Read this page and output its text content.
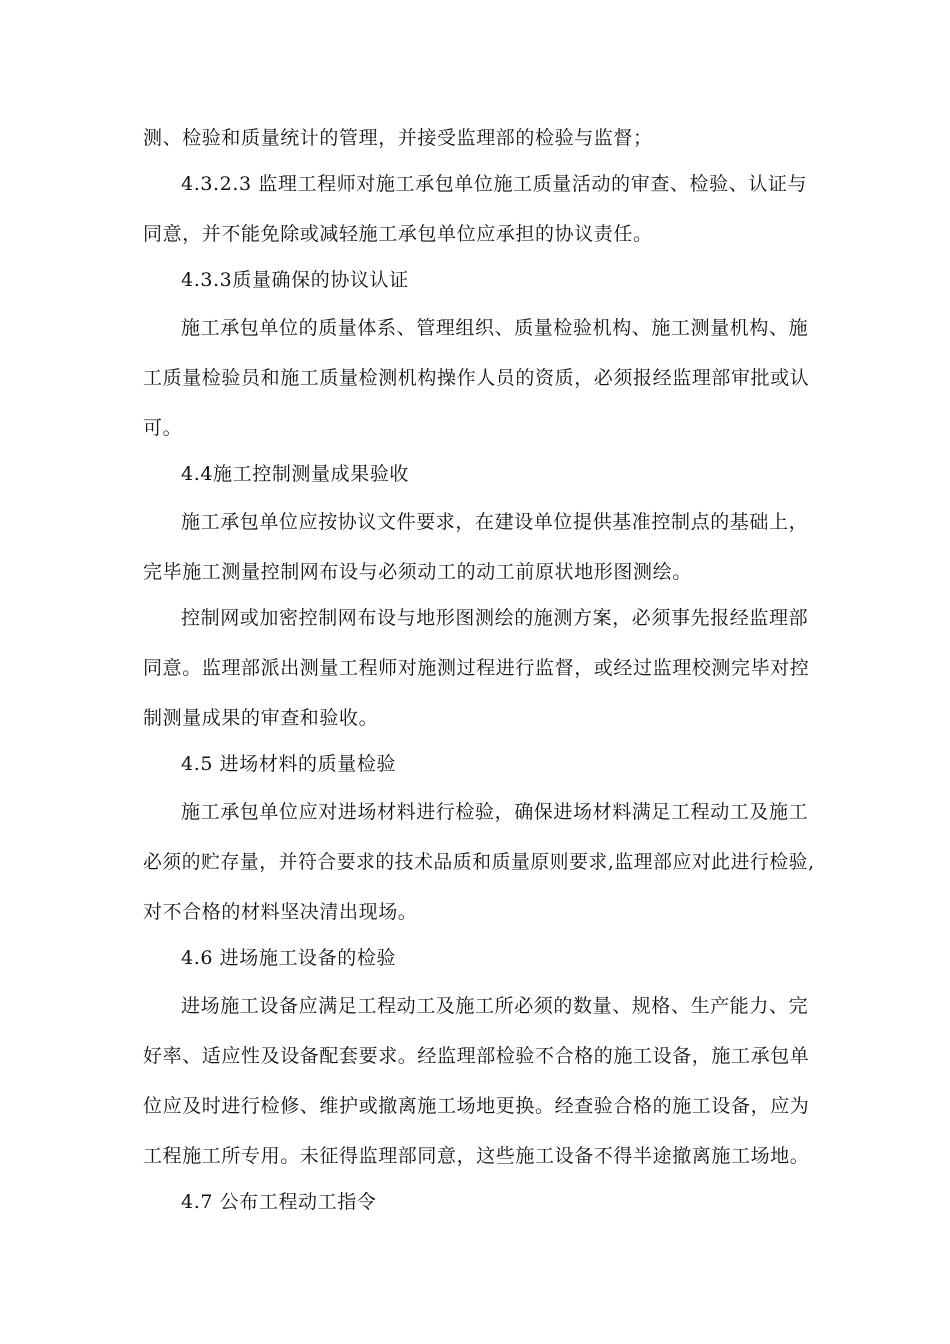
测、检验和质量统计的管理，并接受监理部的检验与监督；
4.3.2.3 监理工程师对施工承包单位施工质量活动的审查、检验、认证与
同意，并不能免除或减轻施工承包单位应承担的协议责任。
4.3.3质量确保的协议认证
施工承包单位的质量体系、管理组织、质量检验机构、施工测量机构、施
工质量检验员和施工质量检测机构操作人员的资质，必须报经监理部审批或认
可。
4.4施工控制测量成果验收
施工承包单位应按协议文件要求，在建设单位提供基准控制点的基础上，
完毕施工测量控制网布设与必须动工的动工前原状地形图测绘。
控制网或加密控制网布设与地形图测绘的施测方案，必须事先报经监理部
同意。监理部派出测量工程师对施测过程进行监督，或经过监理校测完毕对控
制测量成果的审查和验收。
4.5 进场材料的质量检验
施工承包单位应对进场材料进行检验，确保进场材料满足工程动工及施工
必须的贮存量，并符合要求的技术品质和质量原则要求,监理部应对此进行检验,
对不合格的材料坚决清出现场。
4.6 进场施工设备的检验
进场施工设备应满足工程动工及施工所必须的数量、规格、生产能力、完
好率、适应性及设备配套要求。经监理部检验不合格的施工设备，施工承包单
位应及时进行检修、维护或撤离施工场地更换。经查验合格的施工设备，应为
工程施工所专用。未征得监理部同意，这些施工设备不得半途撤离施工场地。
4.7 公布工程动工指令
